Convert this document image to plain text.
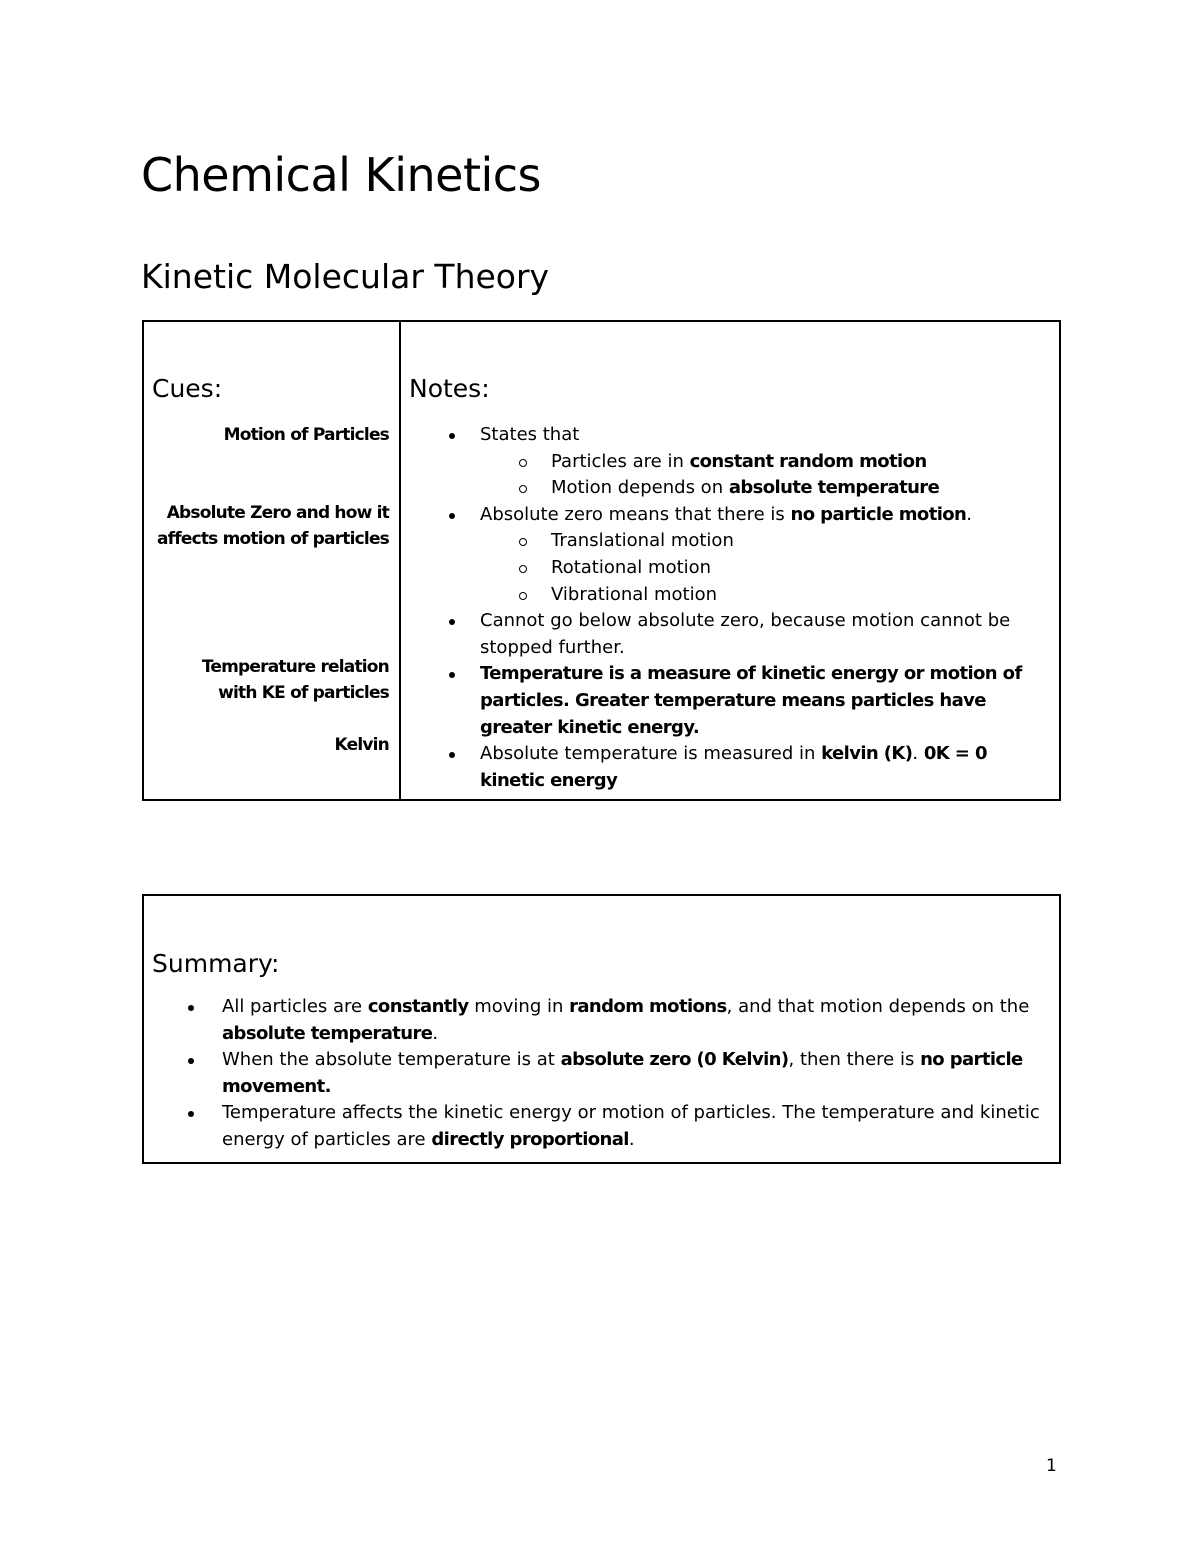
Chemical Kinetics
Kinetic Molecular Theory
Cues:
Motion of Particles
Absolute Zero and how it affects motion of particles
Temperature relation with KE of particles
Kelvin
Notes:
States that
Particles are in constant random motion
Motion depends on absolute temperature
Absolute zero means that there is no particle motion.
Translational motion
Rotational motion
Vibrational motion
Cannot go below absolute zero, because motion cannot be stopped further.
Temperature is a measure of kinetic energy or motion of particles. Greater temperature means particles have greater kinetic energy.
Absolute temperature is measured in kelvin (K). 0K = 0 kinetic energy
Summary:
All particles are constantly moving in random motions, and that motion depends on the absolute temperature.
When the absolute temperature is at absolute zero (0 Kelvin), then there is no particle movement.
Temperature affects the kinetic energy or motion of particles. The temperature and kinetic energy of particles are directly proportional.
1
